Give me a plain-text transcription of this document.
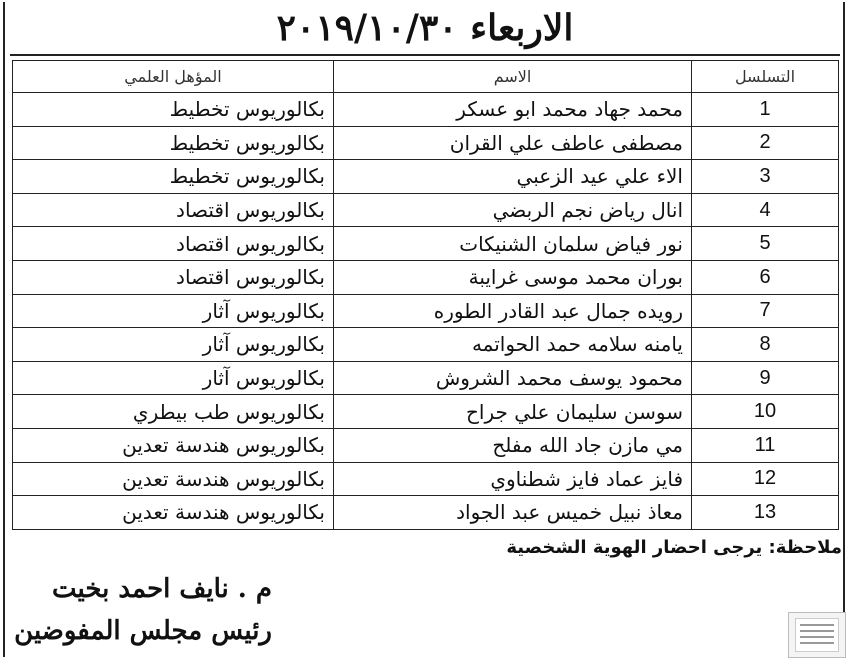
الاربعاء ٢٠١٩/١٠/٣٠
التسلسل	الاسم	المؤهل العلمي
1	محمد جهاد محمد ابو عسكر	بكالوريوس تخطيط
2	مصطفى عاطف علي القران	بكالوريوس تخطيط
3	الاء علي عيد الزعبي	بكالوريوس تخطيط
4	انال رياض نجم الربضي	بكالوريوس اقتصاد
5	نور فياض سلمان الشنيكات	بكالوريوس اقتصاد
6	بوران محمد موسى غرايبة	بكالوريوس اقتصاد
7	رويده جمال عبد القادر الطوره	بكالوريوس آثار
8	يامنه سلامه حمد الحواتمه	بكالوريوس آثار
9	محمود يوسف محمد الشروش	بكالوريوس آثار
10	سوسن سليمان علي جراح	بكالوريوس طب بيطري
11	مي مازن جاد الله مفلح	بكالوريوس هندسة تعدين
12	فايز عماد فايز شطناوي	بكالوريوس هندسة تعدين
13	معاذ نبيل خميس عبد الجواد	بكالوريوس هندسة تعدين
ملاحظة: يرجى احضار الهوية الشخصية
م . نايف احمد بخيت
رئيس مجلس المفوضين
